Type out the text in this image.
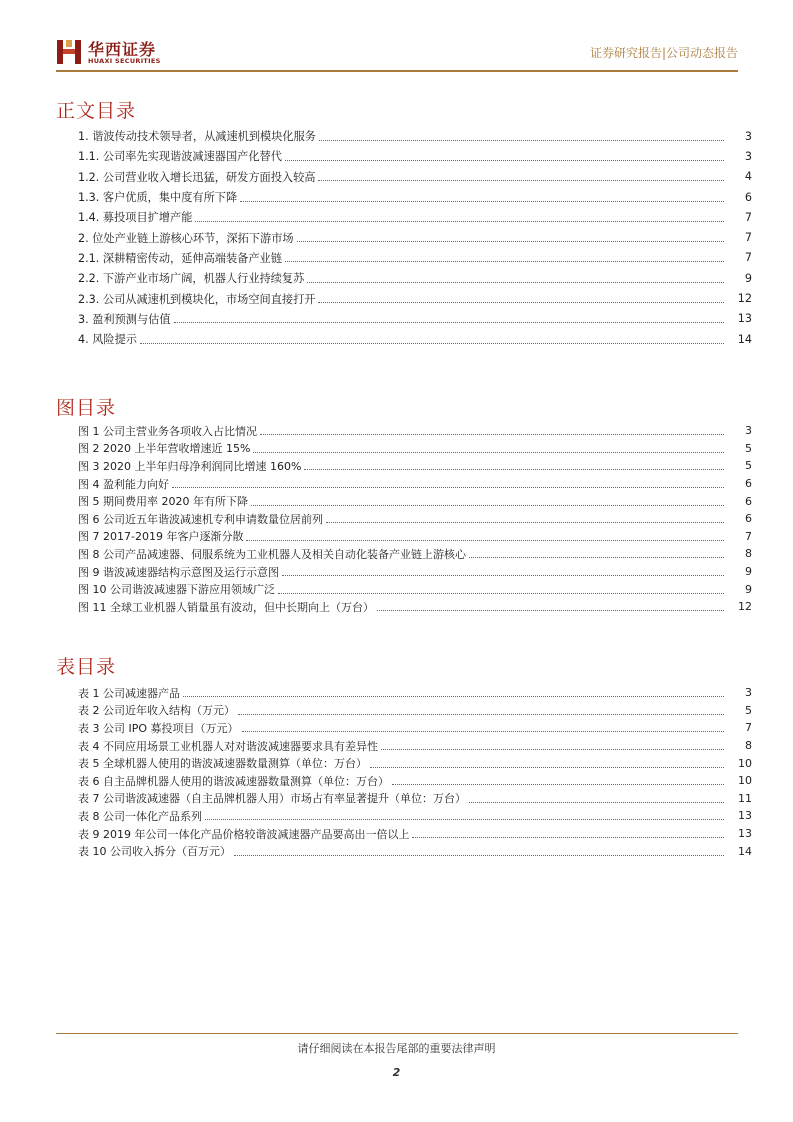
华西证券
HUAXI SECURITIES
证券研究报告|公司动态报告
正文目录
1. 谐波传动技术领导者，从减速机到模块化服务	3
1.1. 公司率先实现谐波减速器国产化替代	3
1.2. 公司营业收入增长迅猛，研发方面投入较高	4
1.3. 客户优质，集中度有所下降	6
1.4. 募投项目扩增产能	7
2. 位处产业链上游核心环节，深拓下游市场	7
2.1. 深耕精密传动，延伸高端装备产业链	7
2.2. 下游产业市场广阔，机器人行业持续复苏	9
2.3. 公司从减速机到模块化，市场空间直接打开	12
3. 盈利预测与估值	13
4. 风险提示	14
图目录
图 1 公司主营业务各项收入占比情况	3
图 2 2020 上半年营收增速近 15%	5
图 3 2020 上半年归母净利润同比增速 160%	5
图 4 盈利能力向好	6
图 5 期间费用率 2020 年有所下降	6
图 6 公司近五年谐波减速机专利申请数量位居前列	6
图 7 2017-2019 年客户逐渐分散	7
图 8 公司产品减速器、伺服系统为工业机器人及相关自动化装备产业链上游核心	8
图 9 谐波减速器结构示意图及运行示意图	9
图 10 公司谐波减速器下游应用领域广泛	9
图 11 全球工业机器人销量虽有波动，但中长期向上（万台）	12
表目录
表 1 公司减速器产品	3
表 2 公司近年收入结构（万元）	5
表 3 公司 IPO 募投项目（万元）	7
表 4 不同应用场景工业机器人对对谐波减速器要求具有差异性	8
表 5 全球机器人使用的谐波减速器数量测算（单位：万台）	10
表 6 自主品牌机器人使用的谐波减速器数量测算（单位：万台）	10
表 7 公司谐波减速器（自主品牌机器人用）市场占有率显著提升（单位：万台）	11
表 8 公司一体化产品系列	13
表 9 2019 年公司一体化产品价格较谐波减速器产品要高出一倍以上	13
表 10 公司收入拆分（百万元）	14
请仔细阅读在本报告尾部的重要法律声明
2
